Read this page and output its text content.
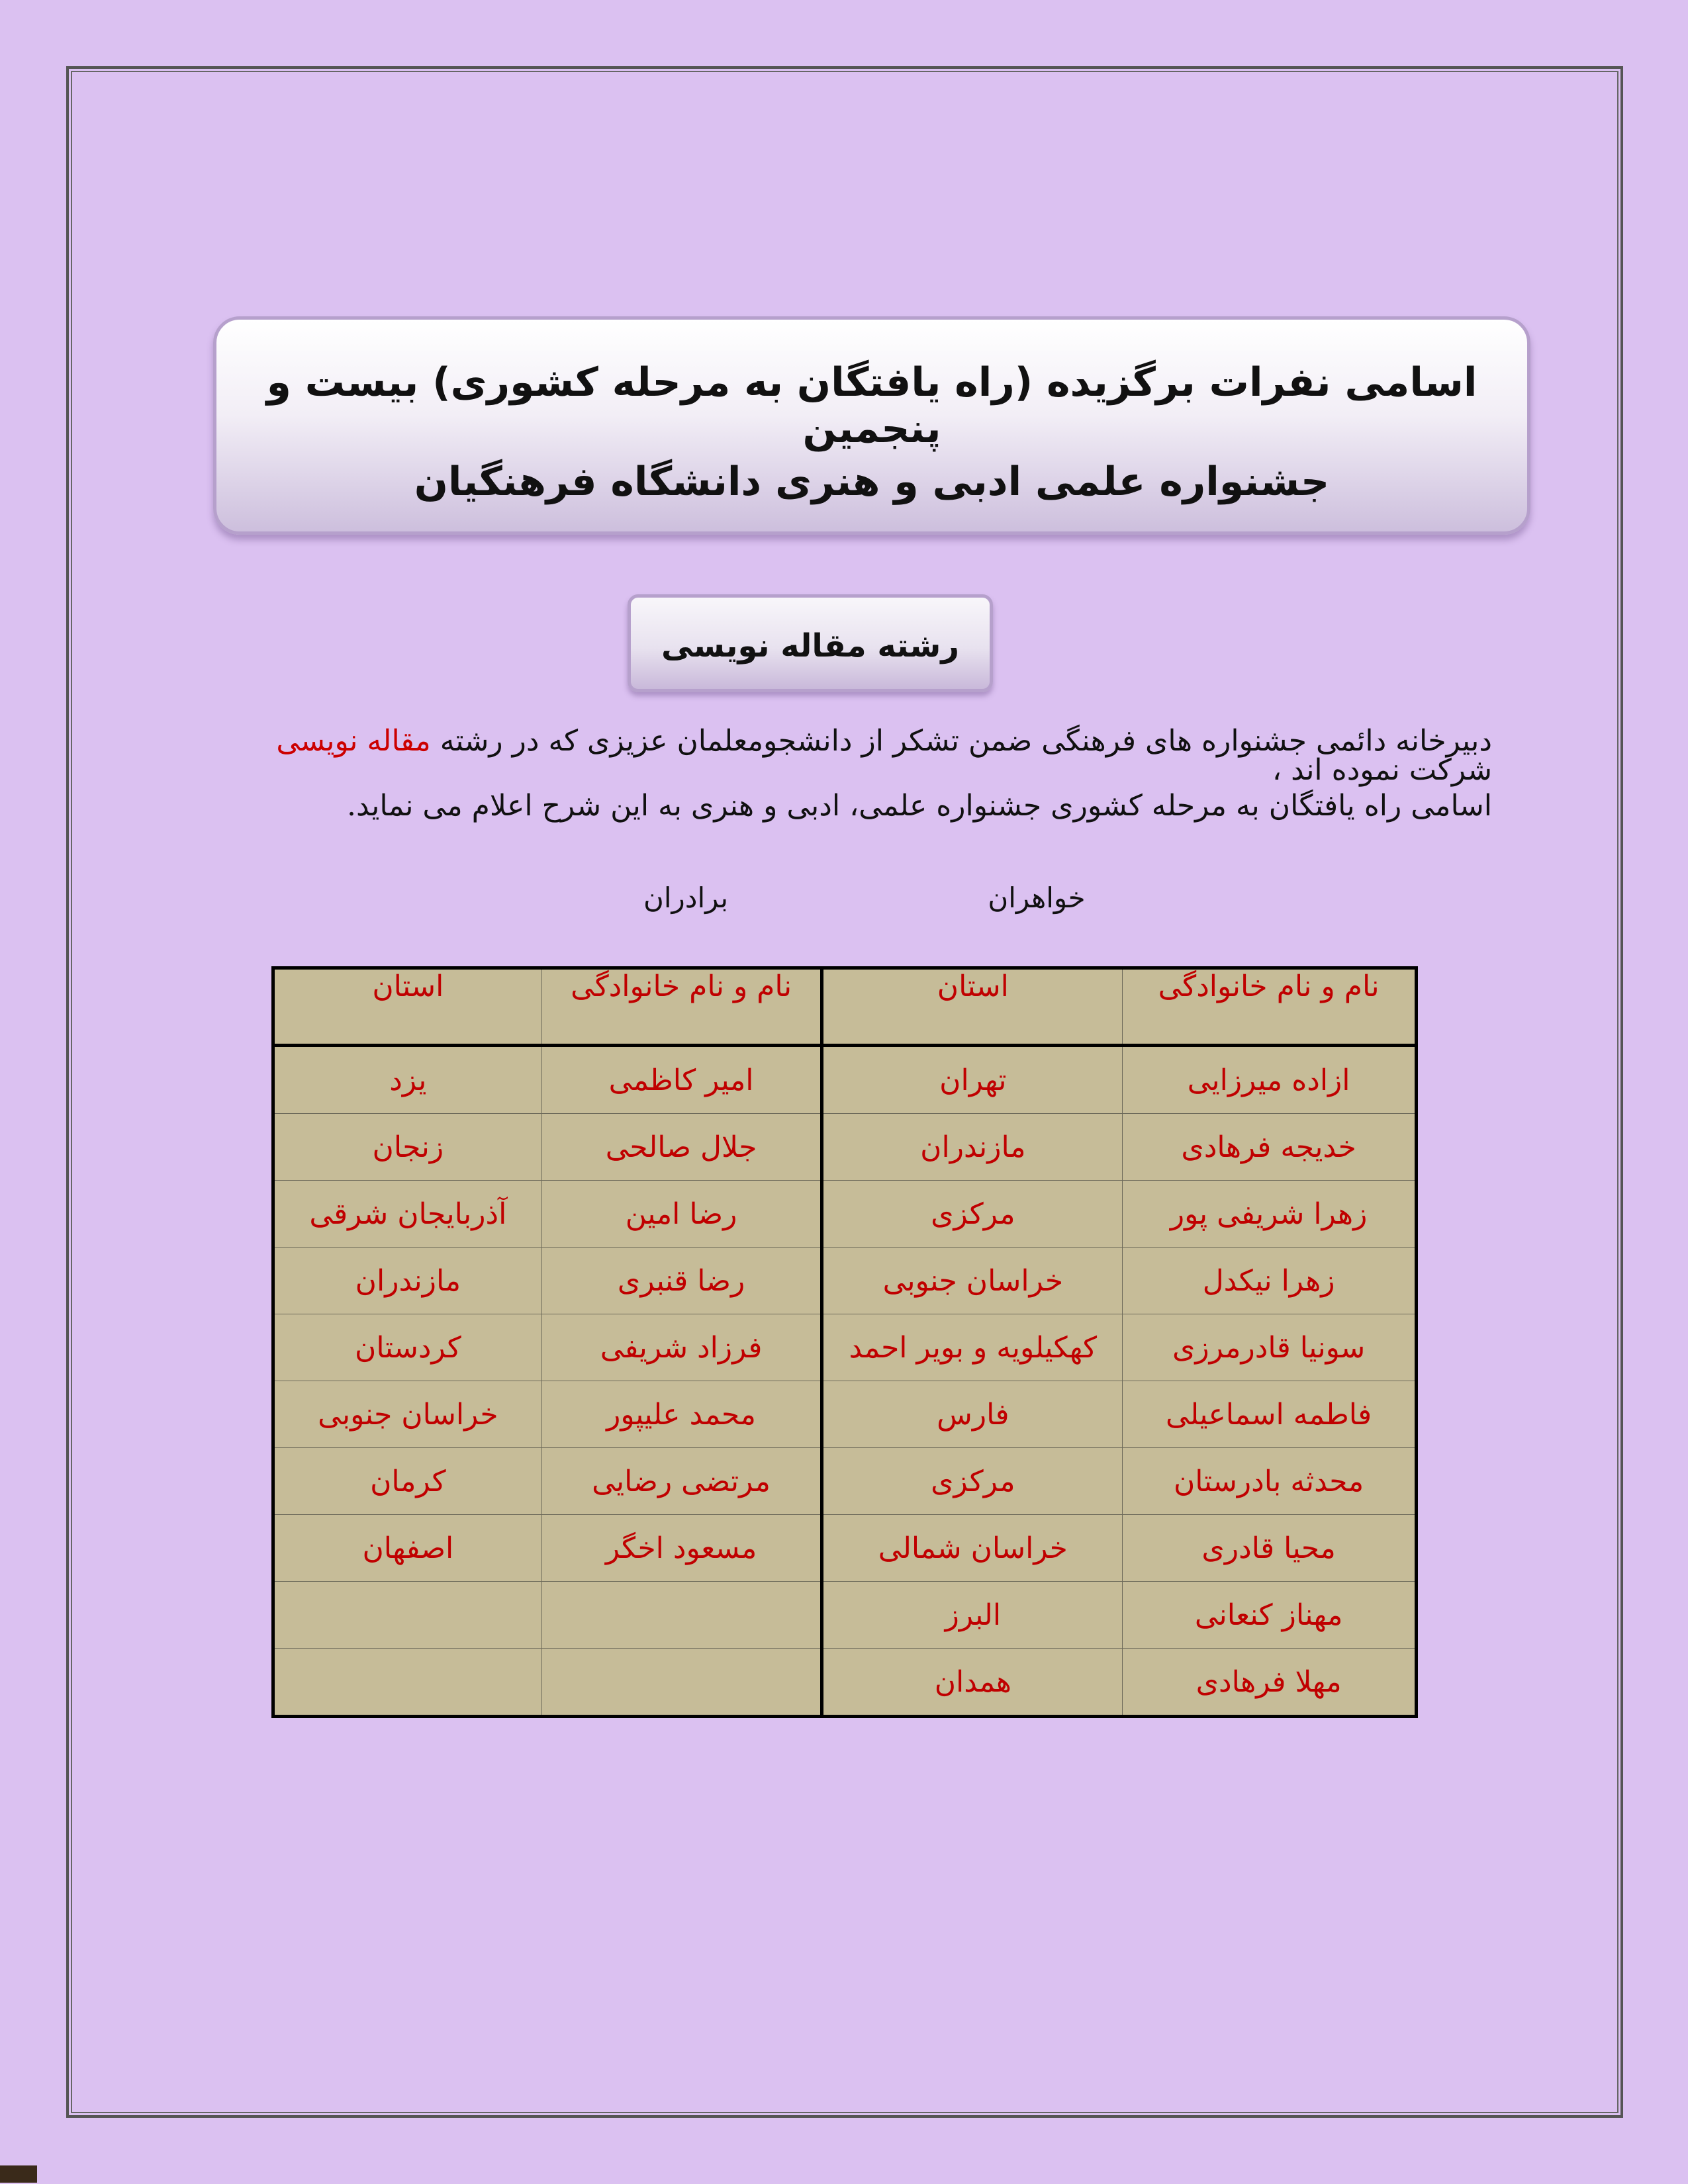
اسامی نفرات برگزیده (راه یافتگان به مرحله کشوری) بیست و پنجمین
جشنواره علمی ادبی و هنری دانشگاه فرهنگیان
رشته مقاله نویسی
دبیرخانه دائمی جشنواره های فرهنگی ضمن تشکر از دانشجومعلمان عزیزی که در رشته مقاله نویسی شرکت نموده اند ،
اسامی راه یافتگان به مرحله کشوری جشنواره علمی، ادبی و هنری به این شرح اعلام می نماید.
خواهران
برادران
نام و نام خانوادگی	استان	نام و نام خانوادگی	استان
ازاده میرزایی	تهران	امیر کاظمی	یزد
خدیجه فرهادی	مازندران	جلال صالحی	زنجان
زهرا شریفی پور	مرکزی	رضا امین	آذربایجان شرقی
زهرا نیکدل	خراسان جنوبی	رضا قنبری	مازندران
سونیا قادرمرزی	کهکیلویه و بویر احمد	فرزاد شریفی	کردستان
فاطمه اسماعیلی	فارس	محمد علیپور	خراسان جنوبی
محدثه بادرستان	مرکزی	مرتضی رضایی	کرمان
محیا قادری	خراسان شمالی	مسعود اخگر	اصفهان
مهناز کنعانی	البرز		
مهلا فرهادی	همدان		
